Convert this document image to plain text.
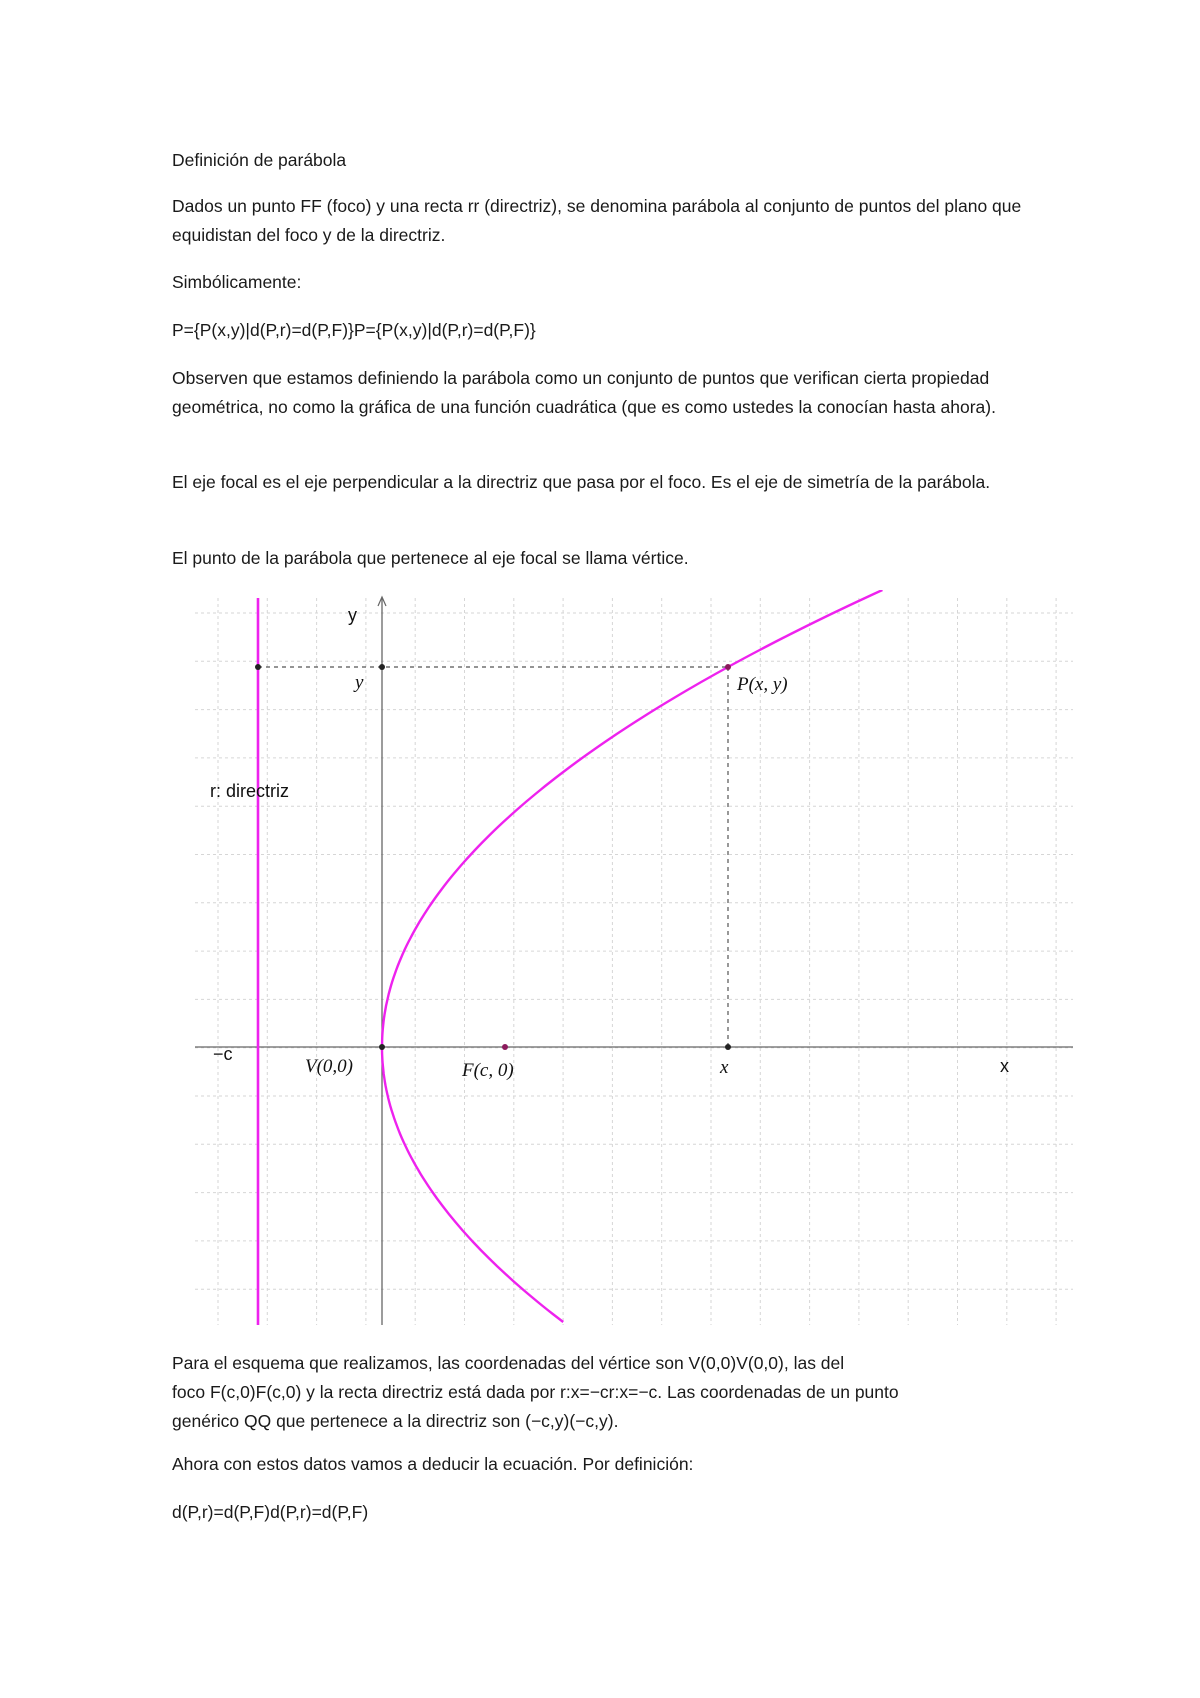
Definición de parábola

Dados un punto FF (foco) y una recta rr (directriz), se denomina parábola al conjunto de puntos del plano que equidistan del foco y de la directriz.

Simbólicamente:

P={P(x,y)|d(P,r)=d(P,F)}P={P(x,y)|d(P,r)=d(P,F)}

Observen que estamos definiendo la parábola como un conjunto de puntos que verifican cierta propiedad geométrica, no como la gráfica de una función cuadrática (que es como ustedes la conocían hasta ahora).

El eje focal es el eje perpendicular a la directriz que pasa por el foco. Es el eje de simetría de la parábola.

El punto de la parábola que pertenece al eje focal se llama vértice.

y
y	P(x, y)
r: directriz
−c
V(0,0)	F(c, 0)	x	x

Para el esquema que realizamos, las coordenadas del vértice son V(0,0)V(0,0), las del
foco F(c,0)F(c,0) y la recta directriz está dada por r:x=−cr:x=−c. Las coordenadas de un punto
genérico QQ que pertenece a la directriz son (−c,y)(−c,y).

Ahora con estos datos vamos a deducir la ecuación. Por definición:

d(P,r)=d(P,F)d(P,r)=d(P,F)
